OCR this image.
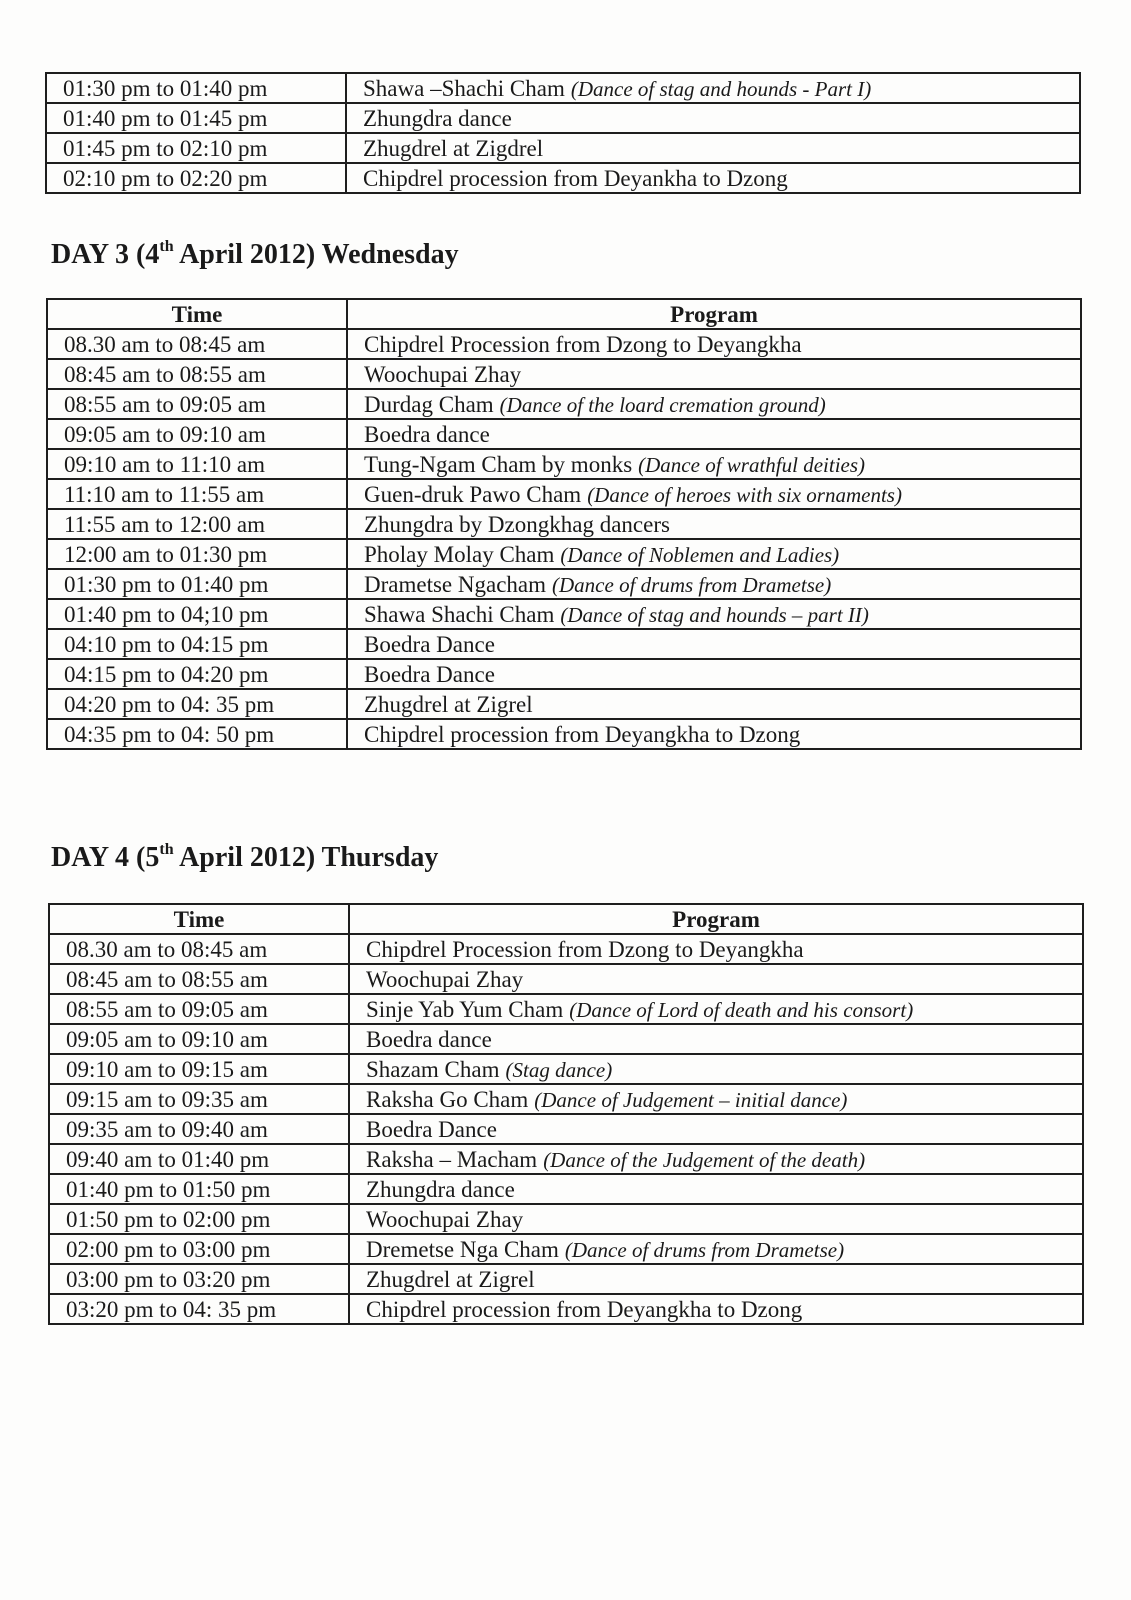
01:30 pm to 01:40 pm	Shawa –Shachi Cham (Dance of stag and hounds - Part I)
01:40 pm to 01:45 pm	Zhungdra dance
01:45 pm to 02:10 pm	Zhugdrel at Zigdrel
02:10 pm to 02:20 pm	Chipdrel procession from Deyankha to Dzong
DAY 3 (4th April 2012) Wednesday
Time	Program
08.30 am to 08:45 am	Chipdrel Procession from Dzong to Deyangkha
08:45 am to 08:55 am	Woochupai Zhay
08:55 am to 09:05 am	Durdag Cham (Dance of the loard cremation ground)
09:05 am to 09:10 am	Boedra dance
09:10 am to 11:10 am	Tung-Ngam Cham by monks (Dance of wrathful deities)
11:10 am to 11:55 am	Guen-druk Pawo Cham (Dance of heroes with six ornaments)
11:55 am to 12:00 am	Zhungdra by Dzongkhag dancers
12:00 am to 01:30 pm	Pholay Molay Cham (Dance of Noblemen and Ladies)
01:30 pm to 01:40 pm	Drametse Ngacham (Dance of drums from Drametse)
01:40 pm to 04;10 pm	Shawa Shachi Cham (Dance of stag and hounds – part II)
04:10 pm to 04:15 pm	Boedra Dance
04:15 pm to 04:20 pm	Boedra Dance
04:20 pm to 04: 35 pm	Zhugdrel at Zigrel
04:35 pm to 04: 50 pm	Chipdrel procession from Deyangkha to Dzong
DAY 4 (5th April 2012) Thursday
Time	Program
08.30 am to 08:45 am	Chipdrel Procession from Dzong to Deyangkha
08:45 am to 08:55 am	Woochupai Zhay
08:55 am to 09:05 am	Sinje Yab Yum Cham (Dance of Lord of death and his consort)
09:05 am to 09:10 am	Boedra dance
09:10 am to 09:15 am	Shazam Cham (Stag dance)
09:15 am to 09:35 am	Raksha Go Cham (Dance of Judgement – initial dance)
09:35 am to 09:40 am	Boedra Dance
09:40 am to 01:40 pm	Raksha – Macham (Dance of the Judgement of the death)
01:40 pm to 01:50 pm	Zhungdra dance
01:50 pm to 02:00 pm	Woochupai Zhay
02:00 pm to 03:00 pm	Dremetse Nga Cham (Dance of drums from Drametse)
03:00 pm to 03:20 pm	Zhugdrel at Zigrel
03:20 pm to 04: 35 pm	Chipdrel procession from Deyangkha to Dzong
